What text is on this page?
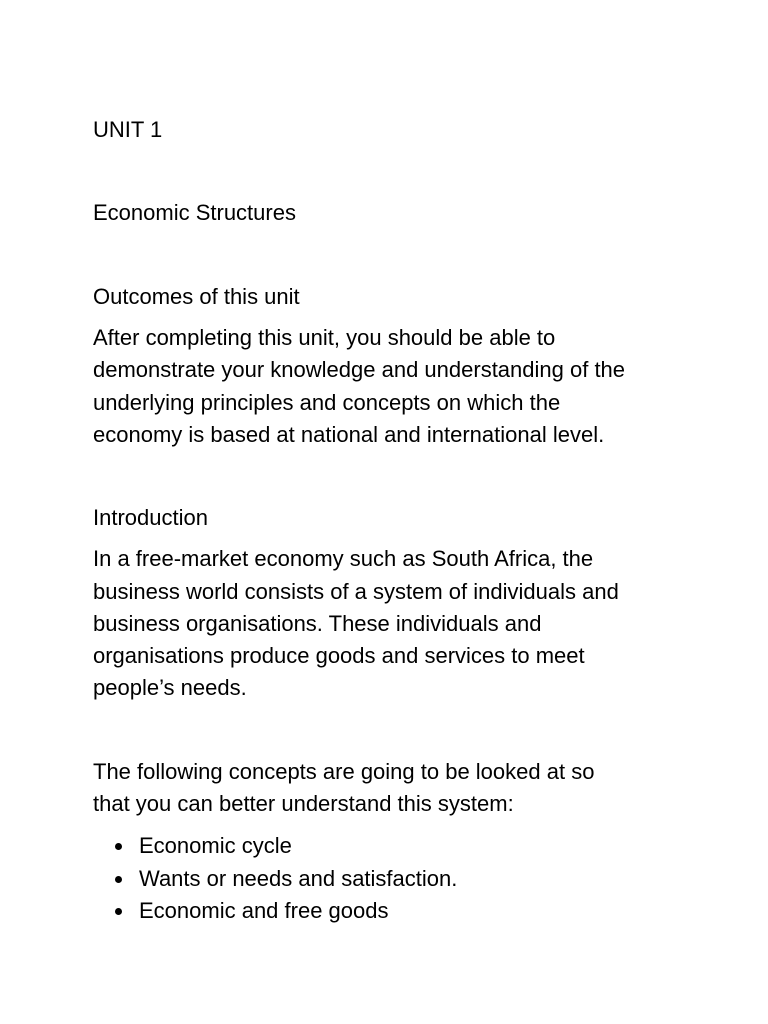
UNIT 1

Economic Structures

Outcomes of this unit

After completing this unit, you should be able to

demonstrate your knowledge and understanding of the

underlying principles and concepts on which the

economy is based at national and international level.

Introduction

In a free-market economy such as South Africa, the

business world consists of a system of individuals and

business organisations. These individuals and

organisations produce goods and services to meet

people’s needs.

The following concepts are going to be looked at so

that you can better understand this system:

Economic cycle
Wants or needs and satisfaction.
Economic and free goods
